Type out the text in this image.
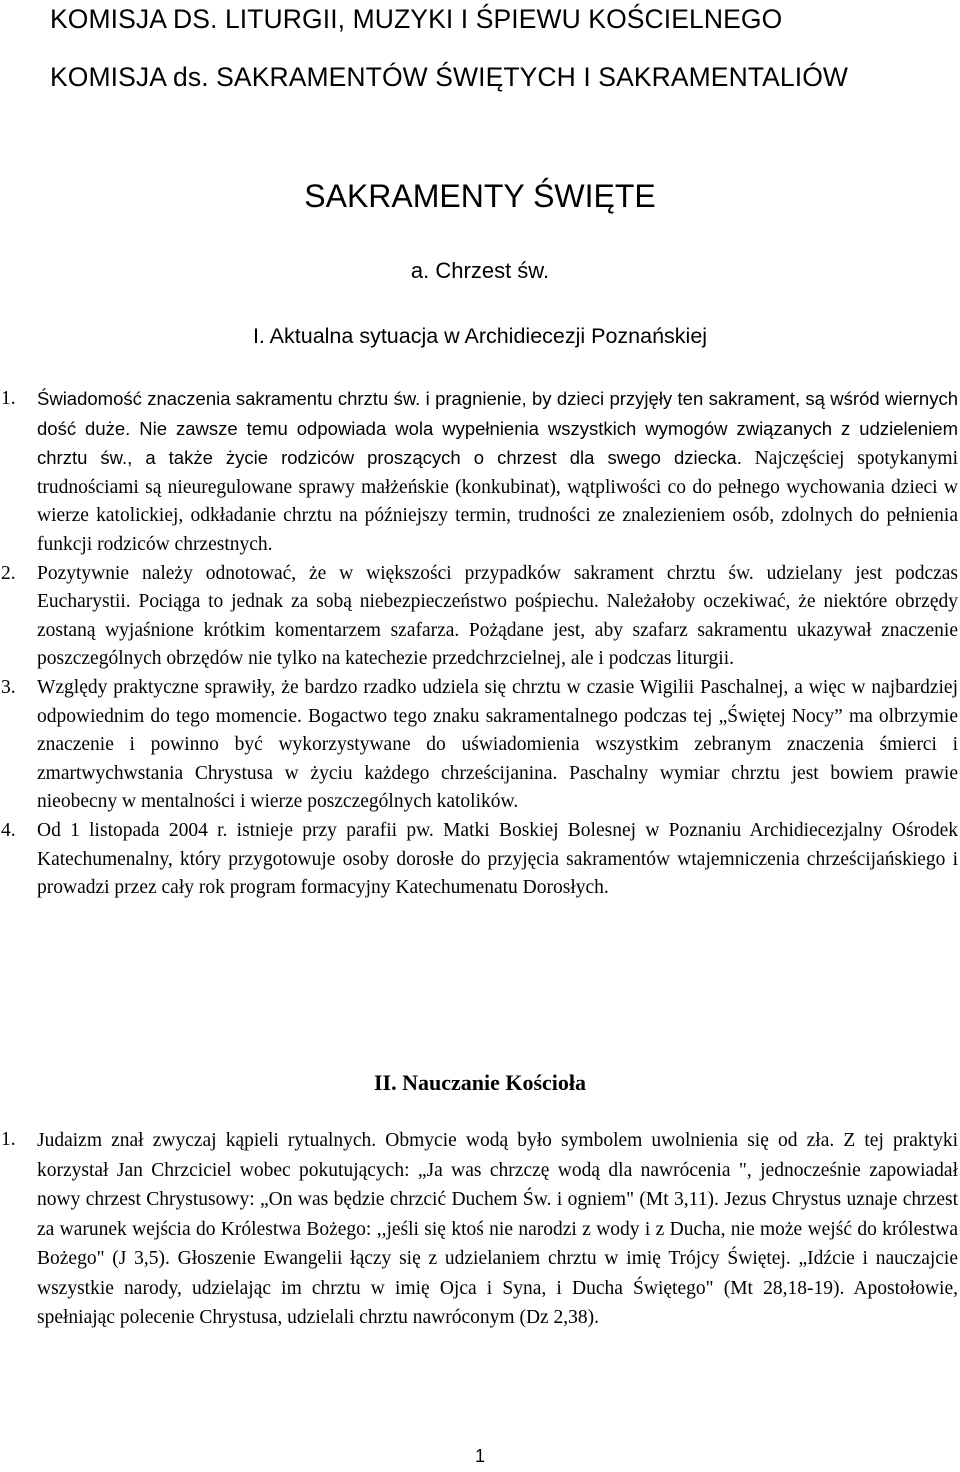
KOMISJA DS. LITURGII, MUZYKI I ŚPIEWU KOŚCIELNEGO
KOMISJA ds. SAKRAMENTÓW ŚWIĘTYCH I SAKRAMENTALIÓW
SAKRAMENTY ŚWIĘTE
a. Chrzest św.
I. Aktualna sytuacja w Archidiecezji Poznańskiej
1.	Świadomość znaczenia sakramentu chrztu św. i pragnienie, by dzieci przyjęły ten sakrament, są wśród wiernych dość duże. Nie zawsze temu odpowiada wola wypełnienia wszystkich wymogów związanych z udzieleniem chrztu św., a także życie rodziców proszących o chrzest dla swego dziecka. Najczęściej spotykanymi trudnościami są nieuregulowane sprawy małżeńskie (konkubinat), wątpliwości co do pełnego wychowania dzieci w wierze katolickiej, odkładanie chrztu na późniejszy termin, trudności ze znalezieniem osób, zdolnych do pełnienia funkcji rodziców chrzestnych.
2.	Pozytywnie należy odnotować, że w większości przypadków sakrament chrztu św. udzielany jest podczas Eucharystii. Pociąga to jednak za sobą niebezpieczeństwo pośpiechu. Należałoby oczekiwać, że niektóre obrzędy zostaną wyjaśnione krótkim komentarzem szafarza. Pożądane jest, aby szafarz sakramentu ukazywał znaczenie poszczególnych obrzędów nie tylko na katechezie przedchrzcielnej, ale i podczas liturgii.
3.	Względy praktyczne sprawiły, że bardzo rzadko udziela się chrztu w czasie Wigilii Paschalnej, a więc w najbardziej odpowiednim do tego momencie. Bogactwo tego znaku sakramentalnego podczas tej „Świętej Nocy” ma olbrzymie znaczenie i powinno być wykorzystywane do uświadomienia wszystkim zebranym znaczenia śmierci i zmartwychwstania Chrystusa w życiu każdego chrześcijanina. Paschalny wymiar chrztu jest bowiem prawie nieobecny w mentalności i wierze poszczególnych katolików.
4.	Od 1 listopada 2004 r. istnieje przy parafii pw. Matki Boskiej Bolesnej w Poznaniu Archidiecezjalny Ośrodek Katechumenalny, który przygotowuje osoby dorosłe do przyjęcia sakramentów wtajemniczenia chrześcijańskiego i prowadzi przez cały rok program formacyjny Katechumenatu Dorosłych.
II. Nauczanie Kościoła
1.	Judaizm znał zwyczaj kąpieli rytualnych. Obmycie wodą było symbolem uwolnienia się od zła. Z tej praktyki korzystał Jan Chrzciciel wobec pokutujących: „Ja was chrzczę wodą dla nawrócenia ", jednocześnie zapowiadał nowy chrzest Chrystusowy: „On was będzie chrzcić Duchem Św. i ogniem" (Mt 3,11). Jezus Chrystus uznaje chrzest za warunek wejścia do Królestwa Bożego: ,,jeśli się ktoś nie narodzi z wody i z Ducha, nie może wejść do królestwa Bożego" (J 3,5). Głoszenie Ewangelii łączy się z udzielaniem chrztu w imię Trójcy Świętej. „Idźcie i nauczajcie wszystkie narody, udzielając im chrztu w imię Ojca i Syna, i Ducha Świętego" (Mt 28,18-19). Apostołowie, spełniając polecenie Chrystusa, udzielali chrztu nawróconym (Dz 2,38).
1
